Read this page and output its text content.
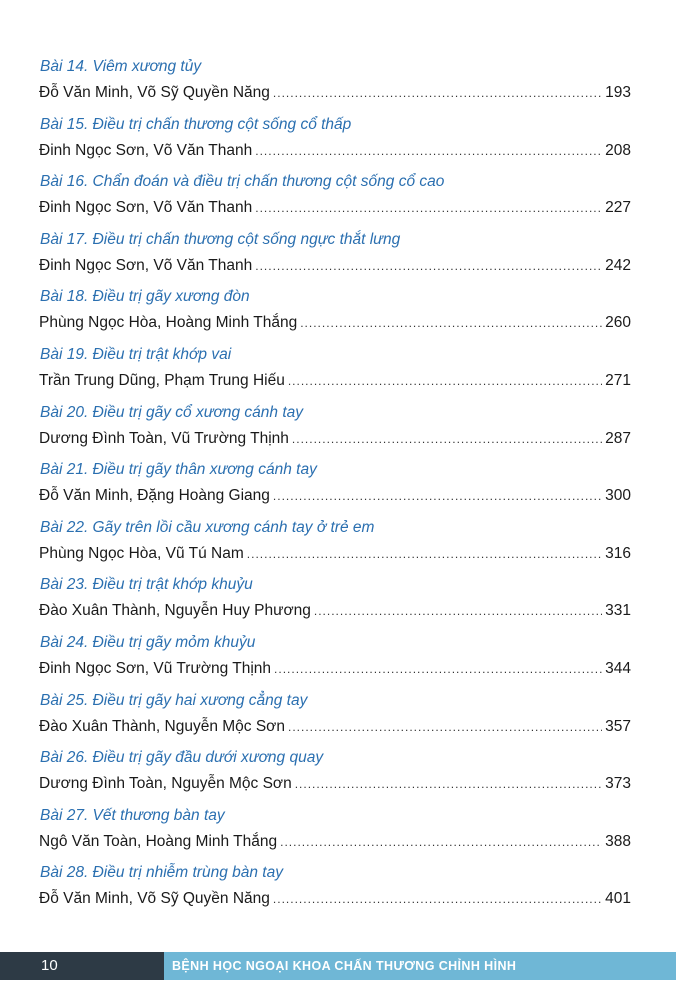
Bài 14. Viêm xương tủy
Đỗ Văn Minh, Võ Sỹ Quyền Năng .....	193
Bài 15. Điều trị chấn thương cột sống cổ thấp
Đinh Ngọc Sơn, Võ Văn Thanh .....	208
Bài 16. Chẩn đoán và điều trị chấn thương cột sống cổ cao
Đinh Ngọc Sơn, Võ Văn Thanh .....	227
Bài 17. Điều trị chấn thương cột sống ngực thắt lưng
Đinh Ngọc Sơn, Võ Văn Thanh .....	242
Bài 18. Điều trị gãy xương đòn
Phùng Ngọc Hòa, Hoàng Minh Thắng .....	260
Bài 19. Điều trị trật khớp vai
Trần Trung Dũng, Phạm Trung Hiếu .....	271
Bài 20. Điều trị gãy cổ xương cánh tay
Dương Đình Toàn, Vũ Trường Thịnh .....	287
Bài 21. Điều trị gãy thân xương cánh tay
Đỗ Văn Minh, Đặng Hoàng Giang .....	300
Bài 22. Gãy trên lồi cầu xương cánh tay ở trẻ em
Phùng Ngọc Hòa, Vũ Tú Nam .....	316
Bài 23. Điều trị trật khớp khuỷu
Đào Xuân Thành, Nguyễn Huy Phương .....	331
Bài 24. Điều trị gãy mỏm khuỷu
Đinh Ngọc Sơn, Vũ Trường Thịnh .....	344
Bài 25. Điều trị gãy hai xương cẳng tay
Đào Xuân Thành, Nguyễn Mộc Sơn .....	357
Bài 26. Điều trị gãy đầu dưới xương quay
Dương Đình Toàn, Nguyễn Mộc Sơn .....	373
Bài 27. Vết thương bàn tay
Ngô Văn Toàn, Hoàng Minh Thắng .....	388
Bài 28. Điều trị nhiễm trùng bàn tay
Đỗ Văn Minh, Võ Sỹ Quyền Năng .....	401
10	BỆNH HỌC NGOẠI KHOA CHẤN THƯƠNG CHỈNH HÌNH
